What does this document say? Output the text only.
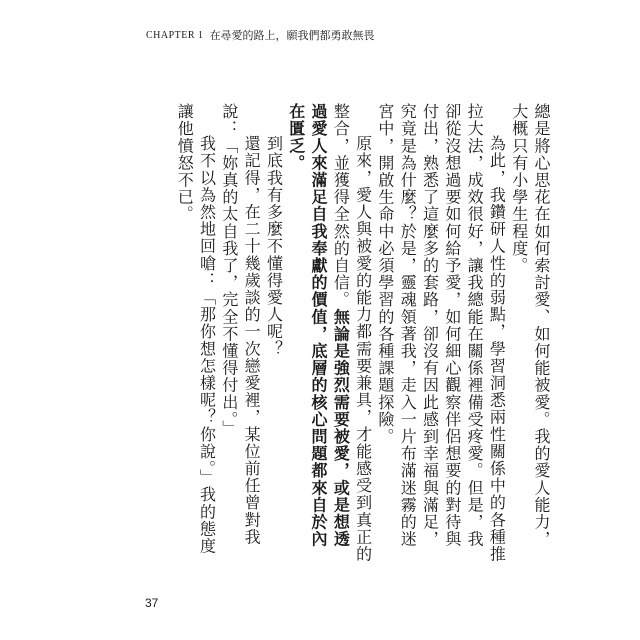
CHAPTER 1 在尋愛的路上，願我們都勇敢無畏

總是將心思花在如何索討愛、如何能被愛。我的愛人能力，大概只有小學生程度。

為此，我鑽研人性的弱點，學習洞悉兩性關係中的各種推拉大法，成效很好，讓我總能在關係裡備受疼愛。但是，我卻從沒想過要如何給予愛，如何細心觀察伴侶想要的對待與付出，熟悉了這麼多的套路，卻沒有因此感到幸福與滿足，究竟是為什麼？於是，靈魂領著我，走入一片布滿迷霧的迷宮中，開啟生命中必須學習的各種課題探險。

原來，愛人與被愛的能力都需要兼具，才能感受到真正的整合，並獲得全然的自信。無論是強烈需要被愛，或是想透過愛人來滿足自我奉獻的價值，底層的核心問題都來自於內在匱乏。

到底我有多麼不懂得愛人呢？

還記得，在二十幾歲談的一次戀愛裡，某位前任曾對我說：「妳真的太自我了，完全不懂得付出。」

我不以為然地回嗆：「那你想怎樣呢？你說。」我的態度讓他憤怒不已。

37
